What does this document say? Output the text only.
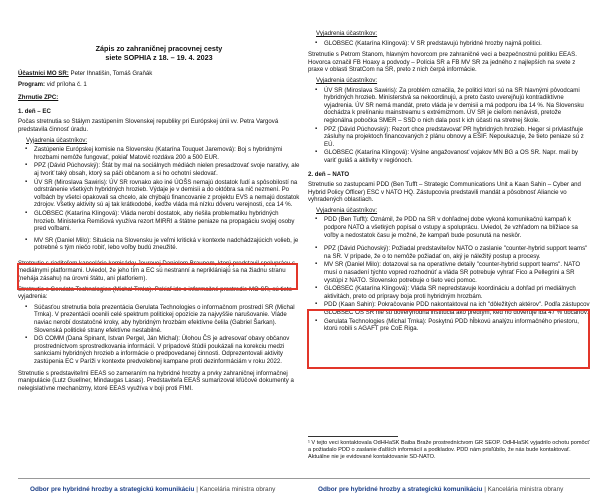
Zápis zo zahraničnej pracovnej cesty
siete SOPHIA z 18. – 19. 4. 2023
Účastníci MO SR: Peter Ihnatišin, Tomáš Graňák
Program: viď príloha č. 1
Zhrnutie ZPC:
1. deň – EC
Počas stretnutia so Stálym zastúpením Slovenskej republiky pri Európskej únii vv. Petra Vargová predstavila činnosť úradu.
Vyjadrenia účastníkov:
▪ Zastúpenie Európskej komisie na Slovensku (Katarína Touquet Jaremová): Boj s hybridnými hrozbami nemôže fungovať, pokiaľ Matovič rozdáva 200 a 500 EUR.
▪ PPZ (Dávid Púchovský): Štát by mal na sociálnych médiách nielen presadzovať svoje naratívy, ale aj tvoriť taký obsah, ktorý sa páči občanom a si ho ochotní sledovať.
▪ ÚV SR (Miroslava Sawiris): ÚV SR rovnako ako iné ÚOŠS nemajú dostatok ľudí a spôsobilostí na odrstránenie všetkých hybridných hrozieb. Výdaje je v demisii a do októbra sa nič nezmení. Po voľbách by všetci opakovali sa chcelo, ale chýbajú financovanie z projektu EVS a nemajú dostatok zdrojov. Všetky aktivity sú aj tak krátkodobé, keďže vláda má nízku dôveru verejnosti, cca 14 %.
▪ GLOBSEC (Katarína Klingová): Vláda nerobí dostatok, aby riešila problematiku hybridných hrozieb. Ministerka Remišová využíva rezort MIRRI a štátne peniaze na propagáciu svojej osoby pred voľbami.
▪ MV SR (Daniel Milo): Situácia na Slovensku je veľmi kritická v kontexte nadchádzajúcich volieb, je potrebné s tým niečo robiť, lebo voľby budú zneužité.
Stretnutie s riaditeľom kancelárie komisárky Jourovej Danielom Braunom, ktorý predstavil spoluprácu s mediálnymi platformami. Uviedol, že jeho tím a EC sú nestranní a nepriklániajú sa na žiadnu stranu (nehája zásahu) na úrovni štátu, ani platforiem).
Stretnutie s Gerulata Technologies (Michal Trnka). Pokiaľ ide o informačné prostredie MO SR, sú tieto vyjadrenia:
▪ Súčasťou stretnutia bola prezentácia Gerulata Technologies o informačnom prostredí SR (Michal Trnka). V prezentácii ocenili celé spektrum politickej opozície za najvyššie narušovanie. Vláde naviac nerobí dostatočné kroky, aby hybridným hrozbám efektívne čelila (Gabriel Šarkan). Slovenská politické strany efektívne nestabilné.
▪ DG COMM (Dana Spinant, Istvan Pergel, Ján Michal): Úlohou ČS je adresovať obavy občanov prostredníctvom sprostredkovania informácií. V prípadové štúdii poukázali na korekciu medzi sankciami hybridných hrozieb a informácie o predpovedanej činnosti. Odprezentovali aktivity zastúpenia EC v Paríži v kontexte predvolebnej kampane proti dezinformáciám v roku 2022.
Stretnutie s predstaviteľmi EEAS so zameraním na hybridné hrozby a prvky zahraničnej informačnej manipulácie (Lutz Guellner, Mindaugas Lasas). Predstaviteľa EEAS sumarizoval kľúčové dokumenty a nelegislatívne mechanizmy, ktoré EEAS využíva v boji proti FIMI.
Vyjadrenia účastníkov:
▪ GLOBSEC (Katarína Klingová): V SR predstavujú hybridné hrozby najmä politici.
Stretnutie s Petrom Stanom, hlavným hovorcom pre zahraničné veci a bezpečnostnú politiku EEAS. Hovorca označil FB Hoaxy a podvody – Polícia SR a FB MV SR za jedného z najlepších na svete z praxe v oblasti StratCom na SR, preto z nich čerpá informácie.
Vyjadrenia účastníkov:
▪ ÚV SR (Miroslava Sawiris): Za problém označila, že politici ktorí sú na SR hlavnými pôvodcami hybridných hrozieb. Ministerstvá sa nekoordinujú, a preto často uverejňujú kontradiktívne vyjadrenia. ÚV SR nemá mandát, preto vláda je v demisii a má podporu iba 14 %. Na Slovensku dochádza k prelínaniu mainstreamu s extrémizmom. ÚV SR je cieľom nenávisti, pretože regionálna pobočka SMER – SSD o nich dala post k ich účasti na stretnej škole.
▪ PPZ (Dávid Púchovský): Rezort chce predstavovať PR hybridných hrozieb. Heger si privlastňuje zásluhy na projektoch financovaných z plánu obnovy a EŠIF. Nepoukazuje, že tieto peniaze sú z EÚ.
▪ GLOBSEC (Katarína Klingová): Výslne angažovanosť vojakov MN BG a OS SR. Napr. mali by variť guláš a aktivity v regiónoch.
2. deň – NATO
Stretnutie so zastupcami PDD (Ben Tufft – Strategic Communications Unit a Kaan Sahin – Cyber and Hybrid Policy Officer) ESC v NATO HQ. Zástupcovia predstavili mandát a pôsobnosť Aliancie vo vyhradených oblastiach.
Vyjadrenia účastníkov:
▪ PDD (Ben Tufft): Oznámil, že PDD na SR v dohľadnej dobe vykoná komunikačnú kampaň k podpore NATO a všetkých popísal o vstupy a spoluprácu. Uviedol, že vzhľadom na blížiace sa voľby a nedostatok času je možné, že kampaň bude posunutá na neskôr.
▪ PPZ (Dávid Púchovský): Požiadal predstaviteľov NATO o zaslanie "counter-hybrid support teams" na SR. V prípade, že o to nemôže požiadať on, aký je náležitý postup a procesy.
▪ MV SR (Daniel Milo): dotazoval sa na operatívne detaily "counter-hybrid support teams". NATO musí o nasadení týchto vopred rozhodnúť a vláda SR potrebuje vyhrať Fico a Pellegrini a SR vystúpi z NATO. Slovensko potrebuje o tieto veci pomoc.
▪ GLOBSEC (Katarína Klingová): Vláda SR nepredstavuje koordináciu a dohľad pri mediálnych aktivitách, preto od prípravy boja proti hybridným hrozbám.
▪ PDD (Kaan Sahin): Pokračovanie PDD nakontaktoval na ich "dôležitých aktérov". Podľa zástupcov GLOBSEC OS SR nie sú dôveryhodná inštitúcia ako predtým, keď ho dôveruje iba 47 % občanov.
▪ Gerulata Technologies (Michal Trnka): Poskytnú PDD hĺbkovú analýzu informačného priestoru, ktorú robili s AGAFT pre CoE Riga.
¹ V tejto veci kontaktovala OdHHaSK Baiba Braže prostredníctvom GR SEOP. OdHHaSK vyjadrilo ochotu pomôcť a požiadalo PDD o zaslanie ďalších informácií a podkladov. PDD nám prisľúbilo, že nás bude kontaktovať. Aktuálne nie je evidované kontaktovanie SD-NATO.
Odbor pre hybridné hrozby a strategickú komunikáciu | Kancelária ministra obrany	Odbor pre hybridné hrozby a strategickú komunikáciu | Kancelária ministra obrany
